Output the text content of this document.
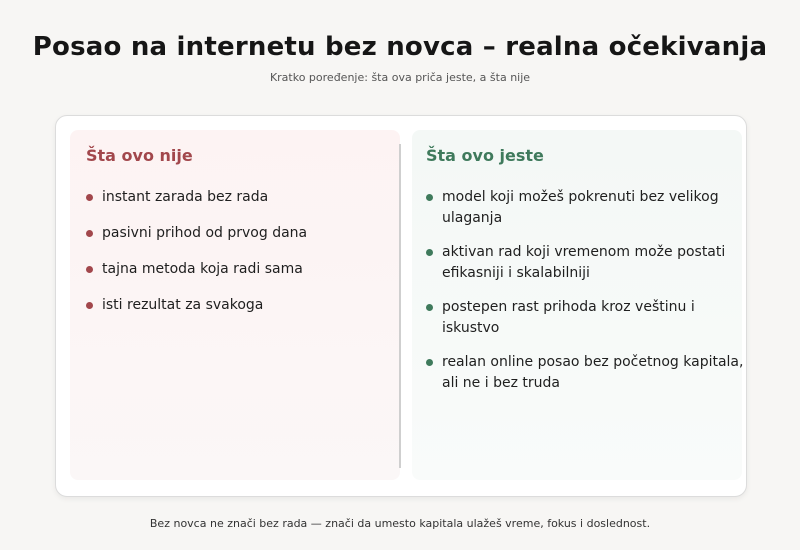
Posao na internetu bez novca – realna očekivanja
Kratko poređenje: šta ova priča jeste, a šta nije
Šta ovo nije
instant zarada bez rada
pasivni prihod od prvog dana
tajna metoda koja radi sama
isti rezultat za svakoga
Šta ovo jeste
model koji možeš pokrenuti bez velikog ulaganja
aktivan rad koji vremenom može postati efikasniji i skalabilniji
postepen rast prihoda kroz veštinu i iskustvo
realan online posao bez početnog kapitala, ali ne i bez truda
Bez novca ne znači bez rada — znači da umesto kapitala ulažeš vreme, fokus i doslednost.
